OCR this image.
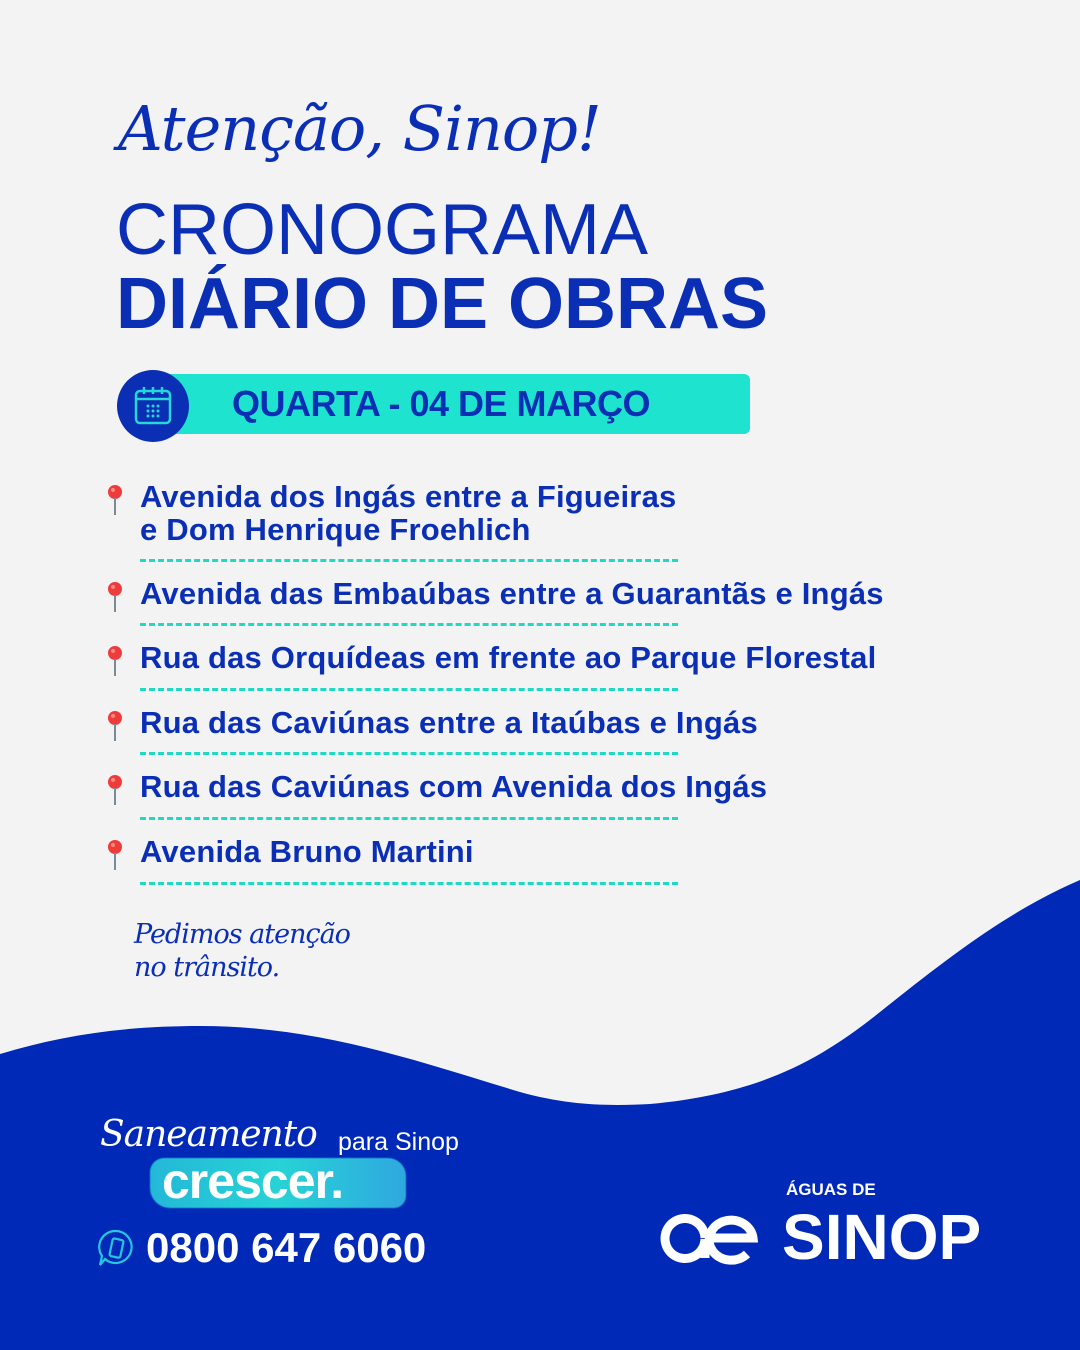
Atenção, Sinop!
CRONOGRAMA
DIÁRIO DE OBRAS
QUARTA - 04 DE MARÇO
Avenida dos Ingás entre a Figueiras
e Dom Henrique Froehlich
Avenida das Embaúbas entre a Guarantãs e Ingás
Rua das Orquídeas em frente ao Parque Florestal
Rua das Caviúnas entre a Itaúbas e Ingás
Rua das Caviúnas com Avenida dos Ingás
Avenida Bruno Martini
Pedimos atenção
no trânsito.
Saneamento para Sinop
crescer.
0800 647 6060
ÁGUAS DE
SINOP
